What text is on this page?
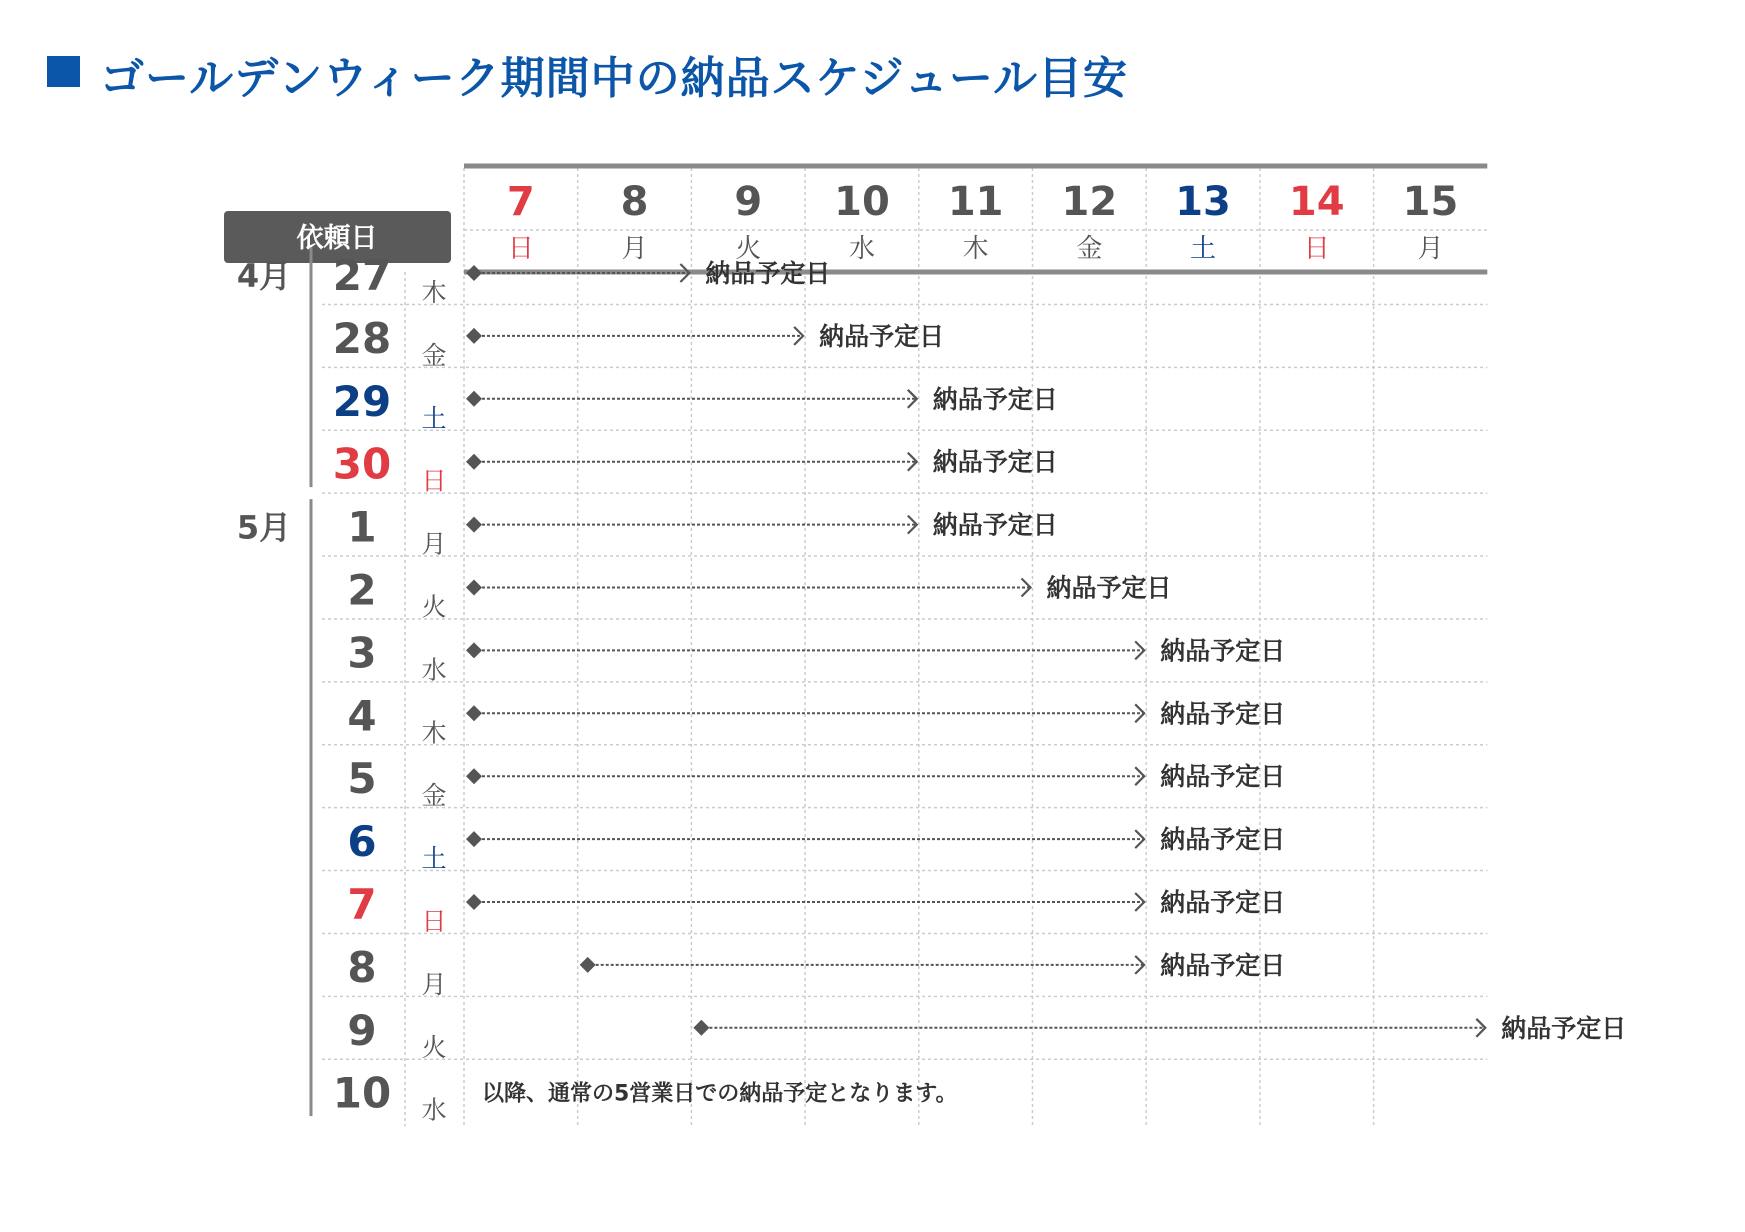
ゴールデンウィーク期間中の納品スケジュール目安
依頼日
7
日
8
月
9
火
10
水
11
木
12
金
13
土
14
日
15
月
4月
5月
27 木
納品予定日
28 金
納品予定日
29 土
納品予定日
30 日
納品予定日
1 月
納品予定日
2 火
納品予定日
3 水
納品予定日
4 木
納品予定日
5 金
納品予定日
6 土
納品予定日
7 日
納品予定日
8 月
納品予定日
9 火
納品予定日
10 水
以降、通常の5営業日での納品予定となります。
